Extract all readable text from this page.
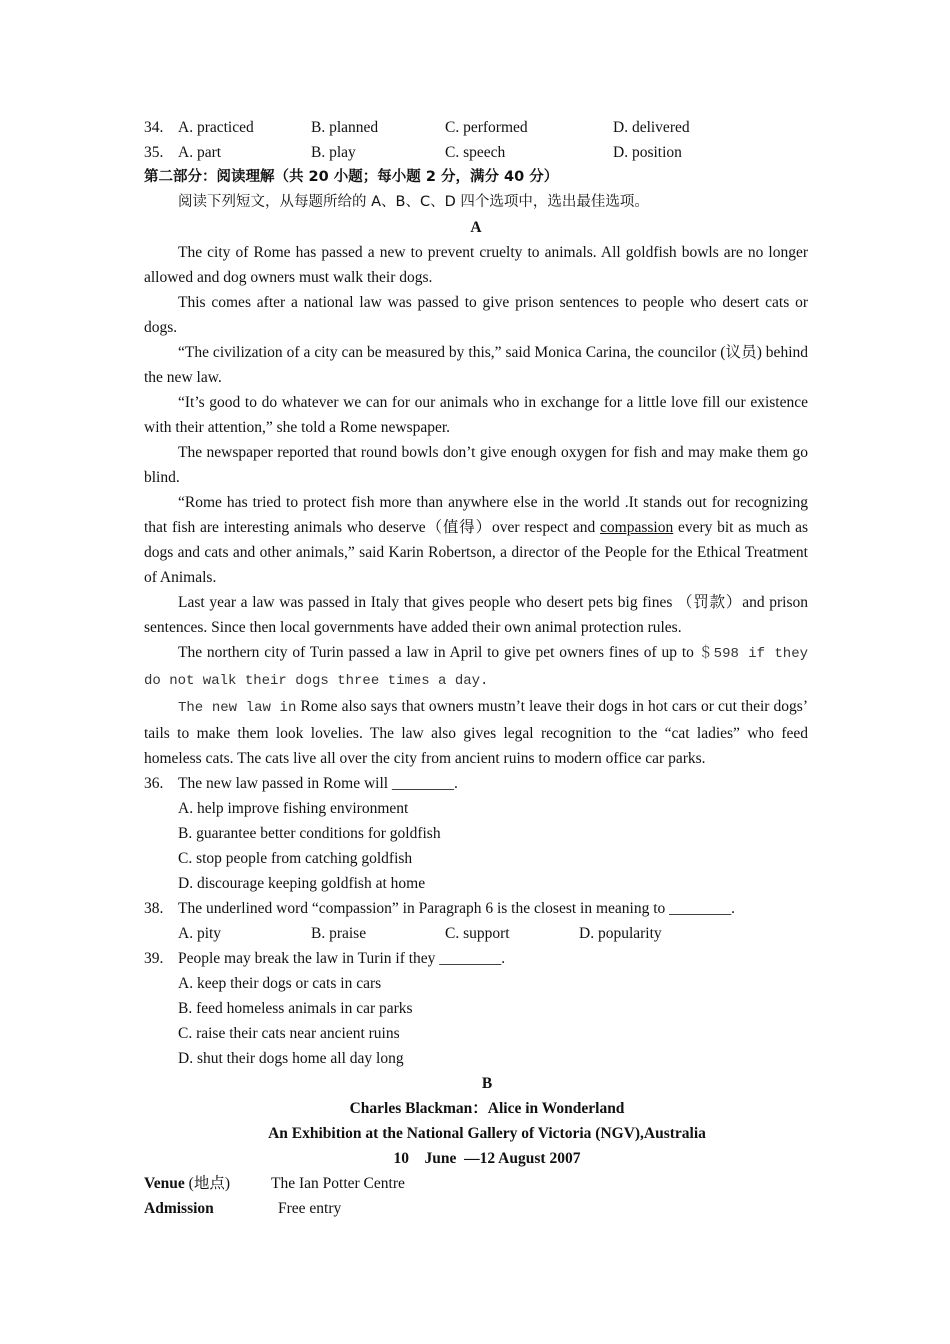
34. A. practiced	B. planned	C. performed	D. delivered
35. A. part	B. play	C. speech	D. position
第二部分：阅读理解（共 20 小题；每小题 2 分，满分 40 分）
阅读下列短文，从每题所给的 A、B、C、D 四个选项中，选出最佳选项。
A

The city of Rome has passed a new to prevent cruelty to animals. All goldfish bowls are no longer allowed and dog owners must walk their dogs.

This comes after a national law was passed to give prison sentences to people who desert cats or dogs.

“The civilization of a city can be measured by this,” said Monica Carina, the councilor (议员) behind the new law.

“It’s good to do whatever we can for our animals who in exchange for a little love fill our existence with their attention,” she told a Rome newspaper.

The newspaper reported that round bowls don’t give enough oxygen for fish and may make them go blind.

“Rome has tried to protect fish more than anywhere else in the world .It stands out for recognizing that fish are interesting animals who deserve（值得）over respect and compassion every bit as much as dogs and cats and other animals,” said Karin Robertson, a director of the People for the Ethical Treatment of Animals.

Last year a law was passed in Italy that gives people who desert pets big fines （罚款）and prison sentences. Since then local governments have added their own animal protection rules.

The northern city of Turin passed a law in April to give pet owners fines of up to ＄598 if they do not walk their dogs three times a day.

The new law in Rome also says that owners mustn’t leave their dogs in hot cars or cut their dogs’ tails to make them look lovelies. The law also gives legal recognition to the “cat ladies” who feed homeless cats. The cats live all over the city from ancient ruins to modern office car parks.

36. The new law passed in Rome will ________.
A. help improve fishing environment
B. guarantee better conditions for goldfish
C. stop people from catching goldfish
D. discourage keeping goldfish at home
38. The underlined word “compassion” in Paragraph 6 is the closest in meaning to ________.
A. pity	B. praise	C. support	D. popularity
39. People may break the law in Turin if they ________.
A. keep their dogs or cats in cars
B. feed homeless animals in car parks
C. raise their cats near ancient ruins
D. shut their dogs home all day long
B
Charles Blackman：Alice in Wonderland
An Exhibition at the National Gallery of Victoria (NGV),Australia
10    June  —12 August 2007
Venue (地点)	The Ian Potter Centre
Admission	Free entry
